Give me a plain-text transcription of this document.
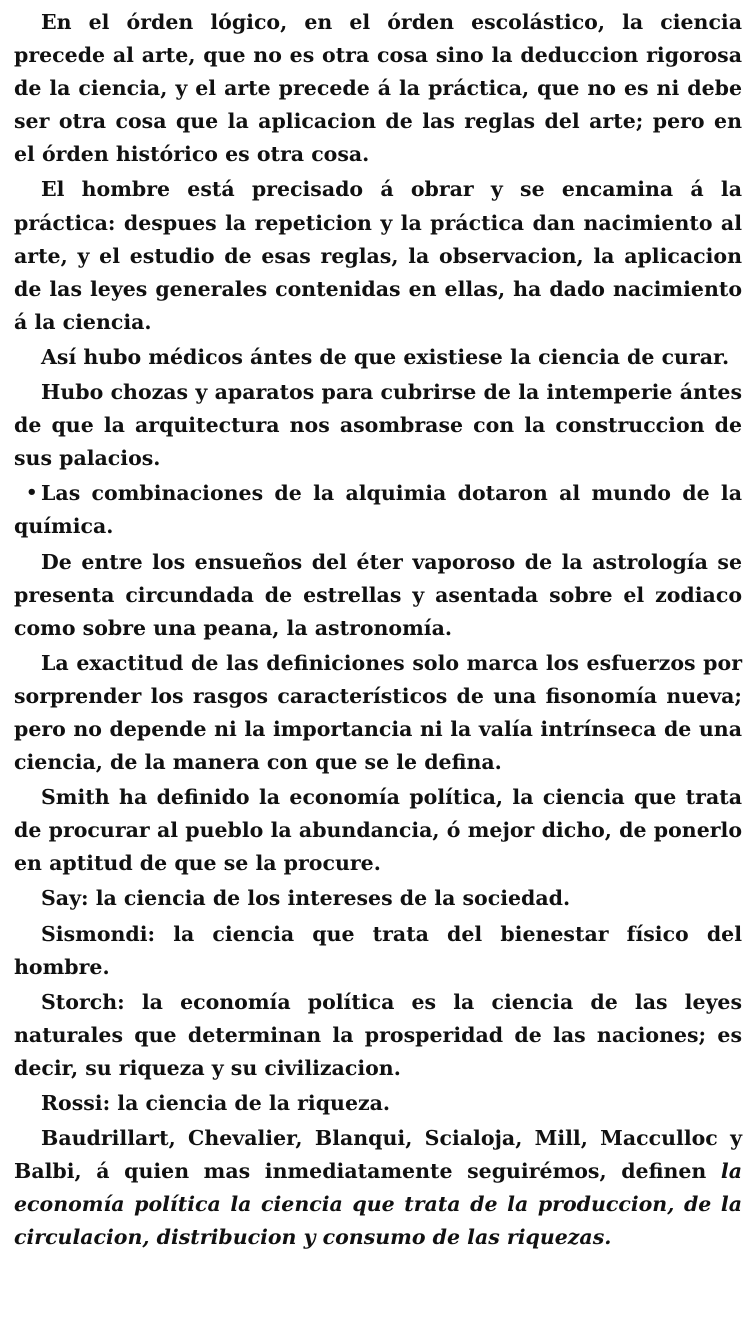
En el órden lógico, en el órden escolástico, la ciencia precede al arte, que no es otra cosa sino la deduccion rigorosa de la ciencia, y el arte precede á la práctica, que no es ni debe ser otra cosa que la aplicacion de las reglas del arte; pero en el órden histórico es otra cosa.

El hombre está precisado á obrar y se encamina á la práctica: despues la repeticion y la práctica dan nacimiento al arte, y el estudio de esas reglas, la observacion, la aplicacion de las leyes generales contenidas en ellas, ha dado nacimiento á la ciencia.

Así hubo médicos ántes de que existiese la ciencia de curar.

Hubo chozas y aparatos para cubrirse de la intemperie ántes de que la arquitectura nos asombrase con la construccion de sus palacios.

• Las combinaciones de la alquimia dotaron al mundo de la química.

De entre los ensueños del éter vaporoso de la astrología se presenta circundada de estrellas y asentada sobre el zodiaco como sobre una peana, la astronomía.

La exactitud de las definiciones solo marca los esfuerzos por sorprender los rasgos característicos de una fisonomía nueva; pero no depende ni la importancia ni la valía intrínseca de una ciencia, de la manera con que se le defina.

Smith ha definido la economía política, la ciencia que trata de procurar al pueblo la abundancia, ó mejor dicho, de ponerlo en aptitud de que se la procure.

Say: la ciencia de los intereses de la sociedad.

Sismondi: la ciencia que trata del bienestar físico del hombre.

Storch: la economía política es la ciencia de las leyes naturales que determinan la prosperidad de las naciones; es decir, su riqueza y su civilizacion.

Rossi: la ciencia de la riqueza.

Baudrillart, Chevalier, Blanqui, Scialoja, Mill, Macculloc y Balbi, á quien mas inmediatamente seguirémos, definen la economía política la ciencia que trata de la produccion, de la circulacion, distribucion y consumo de las riquezas.
